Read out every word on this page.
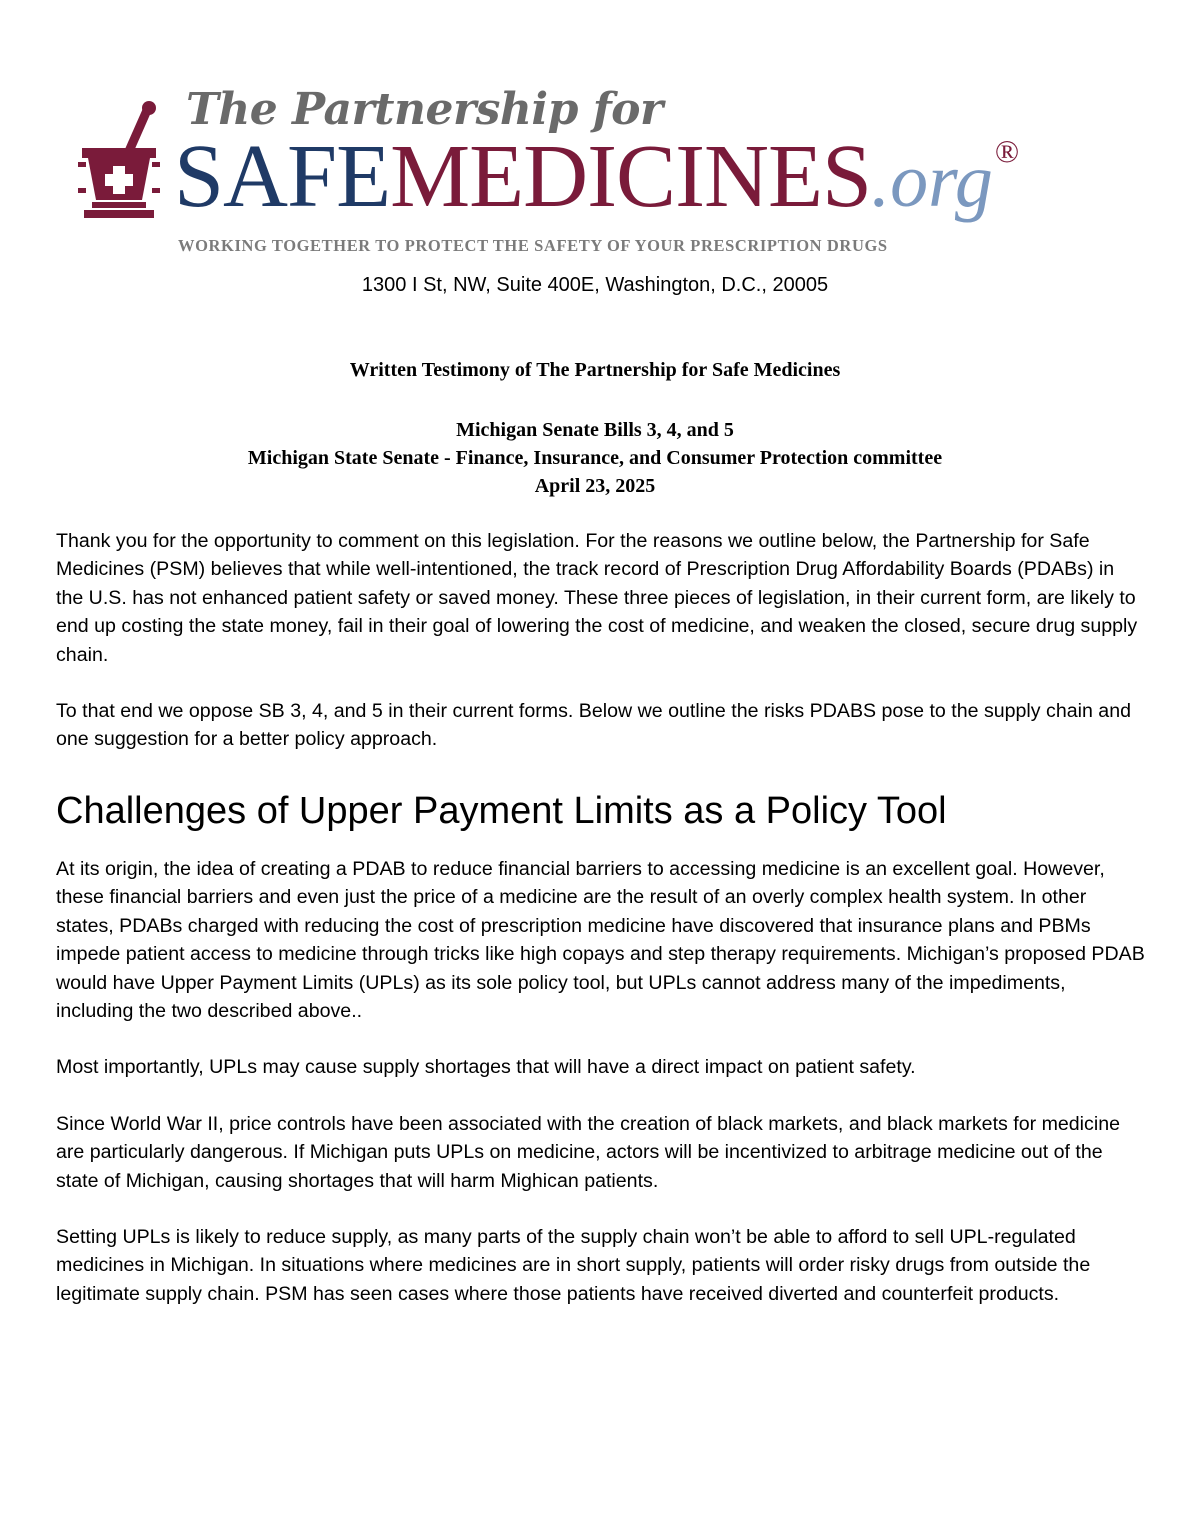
The Partnership for
SAFEMEDICINES.org®
WORKING TOGETHER TO PROTECT THE SAFETY OF YOUR PRESCRIPTION DRUGS
1300 I St, NW, Suite 400E, Washington, D.C., 20005
Written Testimony of The Partnership for Safe Medicines
Michigan Senate Bills 3, 4, and 5
Michigan State Senate - Finance, Insurance, and Consumer Protection committee
April 23, 2025

Thank you for the opportunity to comment on this legislation. For the reasons we outline below, the Partnership for Safe Medicines (PSM) believes that while well-intentioned, the track record of Prescription Drug Affordability Boards (PDABs) in the U.S. has not enhanced patient safety or saved money. These three pieces of legislation, in their current form, are likely to end up costing the state money, fail in their goal of lowering the cost of medicine, and weaken the closed, secure drug supply chain.

To that end we oppose SB 3, 4, and 5 in their current forms. Below we outline the risks PDABS pose to the supply chain and one suggestion for a better policy approach.

Challenges of Upper Payment Limits as a Policy Tool

At its origin, the idea of creating a PDAB to reduce financial barriers to accessing medicine is an excellent goal. However, these financial barriers and even just the price of a medicine are the result of an overly complex health system. In other states, PDABs charged with reducing the cost of prescription medicine have discovered that insurance plans and PBMs impede patient access to medicine through tricks like high copays and step therapy requirements. Michigan’s proposed PDAB would have Upper Payment Limits (UPLs) as its sole policy tool, but UPLs cannot address many of the impediments, including the two described above..

Most importantly, UPLs may cause supply shortages that will have a direct impact on patient safety.

Since World War II, price controls have been associated with the creation of black markets, and black markets for medicine are particularly dangerous. If Michigan puts UPLs on medicine, actors will be incentivized to arbitrage medicine out of the state of Michigan, causing shortages that will harm Mighican patients.

Setting UPLs is likely to reduce supply, as many parts of the supply chain won’t be able to afford to sell UPL-regulated medicines in Michigan. In situations where medicines are in short supply, patients will order risky drugs from outside the legitimate supply chain. PSM has seen cases where those patients have received diverted and counterfeit products.
